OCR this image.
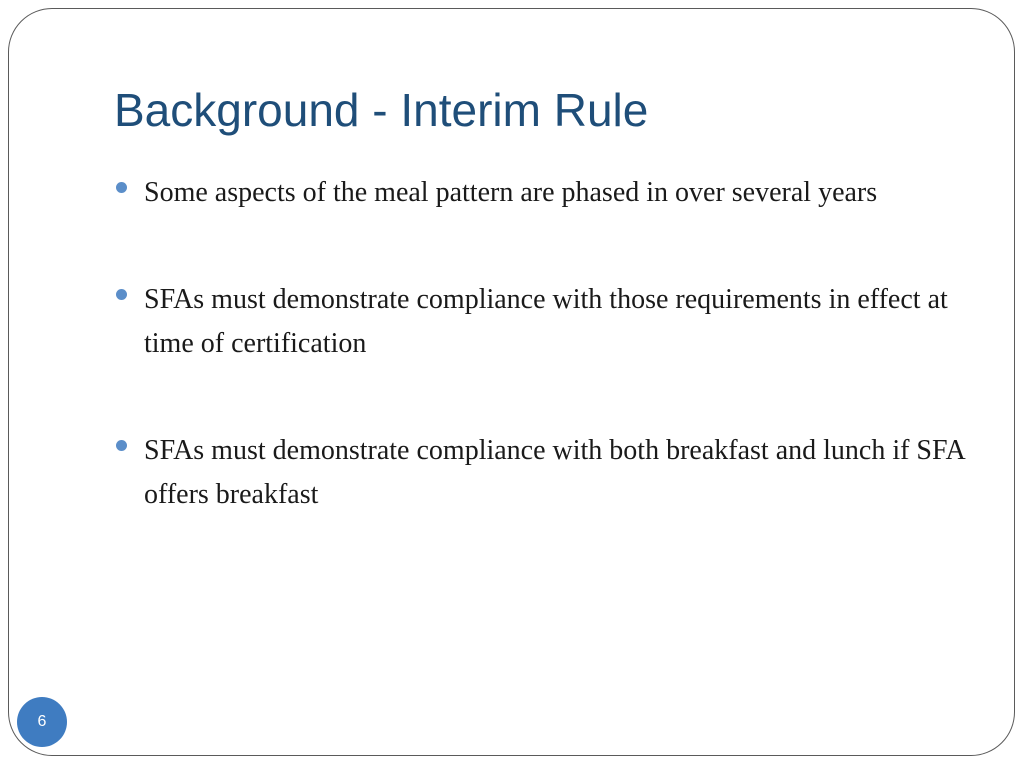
Background - Interim Rule
Some aspects of the meal pattern are phased in over several years
SFAs must demonstrate compliance with those requirements in effect at time of certification
SFAs must demonstrate compliance with both breakfast and lunch if SFA offers breakfast
6
